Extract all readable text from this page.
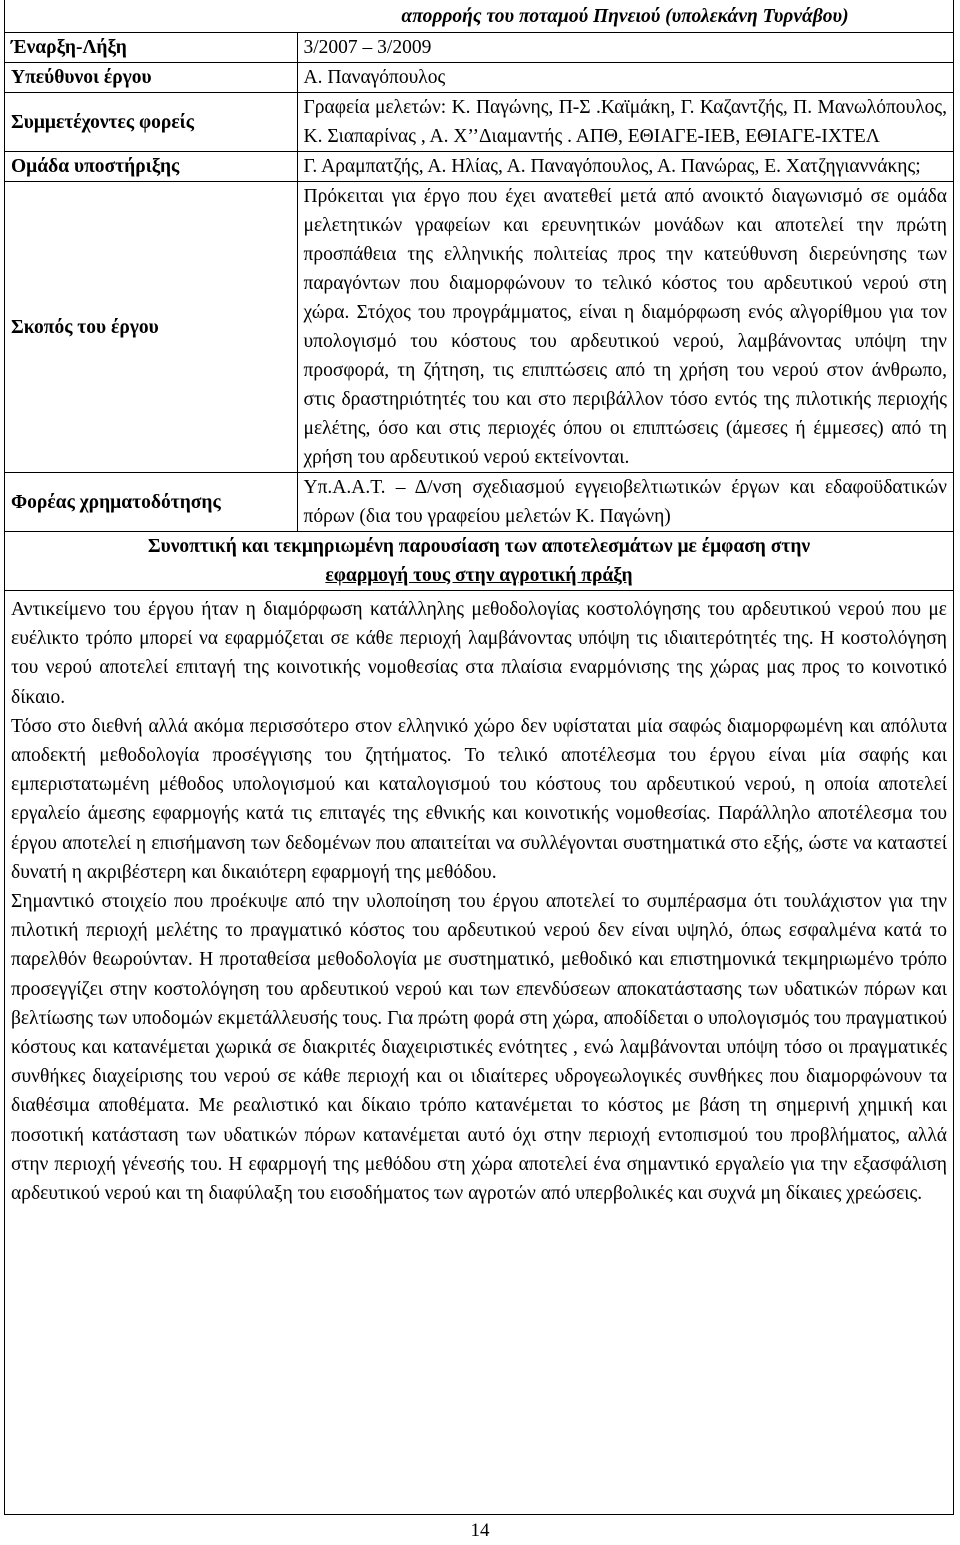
	απορροής του ποταμού Πηνειού (υπολεκάνη Τυρνάβου)
Έναρξη-Λήξη	3/2007 – 3/2009
Υπεύθυνοι έργου	Α. Παναγόπουλος
Συμμετέχοντες φορείς	Γραφεία μελετών: Κ. Παγώνης, Π-Σ .Καϊμάκη, Γ. Καζαντζής, Π. Μανωλόπουλος, Κ. Σιαπαρίνας , Α. Χ’’Διαμαντής . ΑΠΘ, ΕΘΙΑΓΕ-ΙΕΒ, ΕΘΙΑΓΕ-ΙΧΤΕΛ
Ομάδα υποστήριξης	Γ. Αραμπατζής, Α. Ηλίας, Α. Παναγόπουλος, Α. Πανώρας, Ε. Χατζηγιαννάκης;
Σκοπός του έργου	Πρόκειται για έργο που έχει ανατεθεί μετά από ανοικτό διαγωνισμό σε ομάδα μελετητικών γραφείων και ερευνητικών μονάδων και αποτελεί την πρώτη προσπάθεια της ελληνικής πολιτείας προς την κατεύθυνση διερεύνησης των παραγόντων που διαμορφώνουν το τελικό κόστος του αρδευτικού νερού στη χώρα. Στόχος του προγράμματος, είναι η διαμόρφωση ενός αλγορίθμου για τον υπολογισμό του κόστους του αρδευτικού νερού, λαμβάνοντας υπόψη την προσφορά, τη ζήτηση, τις επιπτώσεις από τη χρήση του νερού στον άνθρωπο, στις δραστηριότητές του και στο περιβάλλον τόσο εντός της πιλοτικής περιοχής μελέτης, όσο και στις περιοχές όπου οι επιπτώσεις (άμεσες ή έμμεσες) από τη χρήση του αρδευτικού νερού εκτείνονται.
Φορέας χρηματοδότησης	Υπ.Α.Α.Τ. – Δ/νση σχεδιασμού εγγειοβελτιωτικών έργων και εδαφοϋδατικών πόρων (δια του γραφείου μελετών Κ. Παγώνη)

Συνοπτική και τεκμηριωμένη παρουσίαση των αποτελεσμάτων με έμφαση στην
εφαρμογή τους στην αγροτική πράξη	

Αντικείμενο του έργου ήταν η διαμόρφωση κατάλληλης μεθοδολογίας κοστολόγησης του αρδευτικού νερού που με ευέλικτο τρόπο μπορεί να εφαρμόζεται σε κάθε περιοχή λαμβάνοντας υπόψη τις ιδιαιτερότητές της. Η κοστολόγηση του νερού αποτελεί επιταγή της κοινοτικής νομοθεσίας στα πλαίσια εναρμόνισης της χώρας μας προς το κοινοτικό δίκαιο.

Τόσο στο διεθνή αλλά ακόμα περισσότερο στον ελληνικό χώρο δεν υφίσταται μία σαφώς διαμορφωμένη και απόλυτα αποδεκτή μεθοδολογία προσέγγισης του ζητήματος. Το τελικό αποτέλεσμα του έργου είναι μία σαφής και εμπεριστατωμένη μέθοδος υπολογισμού και καταλογισμού του κόστους του αρδευτικού νερού, η οποία αποτελεί εργαλείο άμεσης εφαρμογής κατά τις επιταγές της εθνικής και κοινοτικής νομοθεσίας. Παράλληλο αποτέλεσμα του έργου αποτελεί η επισήμανση των δεδομένων που απαιτείται να συλλέγονται συστηματικά στο εξής, ώστε να καταστεί δυνατή η ακριβέστερη και δικαιότερη εφαρμογή της μεθόδου.

Σημαντικό στοιχείο που προέκυψε από την υλοποίηση του έργου αποτελεί το συμπέρασμα ότι τουλάχιστον για την πιλοτική περιοχή μελέτης το πραγματικό κόστος του αρδευτικού νερού δεν είναι υψηλό, όπως εσφαλμένα κατά το παρελθόν θεωρούνταν. Η προταθείσα μεθοδολογία με συστηματικό, μεθοδικό και επιστημονικά τεκμηριωμένο τρόπο προσεγγίζει στην κοστολόγηση του αρδευτικού νερού και των επενδύσεων αποκατάστασης των υδατικών πόρων και βελτίωσης των υποδομών εκμετάλλευσής τους. Για πρώτη φορά στη χώρα, αποδίδεται ο υπολογισμός του πραγματικού κόστους και κατανέμεται χωρικά σε διακριτές διαχειριστικές ενότητες , ενώ λαμβάνονται υπόψη τόσο οι πραγματικές συνθήκες διαχείρισης του νερού σε κάθε περιοχή και οι ιδιαίτερες υδρογεωλογικές συνθήκες που διαμορφώνουν τα διαθέσιμα αποθέματα. Με ρεαλιστικό και δίκαιο τρόπο κατανέμεται το κόστος με βάση τη σημερινή χημική και ποσοτική κατάσταση των υδατικών πόρων κατανέμεται αυτό όχι στην περιοχή εντοπισμού του προβλήματος, αλλά στην περιοχή γένεσής του. Η εφαρμογή της μεθόδου στη χώρα αποτελεί ένα σημαντικό εργαλείο για την εξασφάλιση αρδευτικού νερού και τη διαφύλαξη του εισοδήματος των αγροτών από υπερβολικές και συχνά μη δίκαιες χρεώσεις.

14
